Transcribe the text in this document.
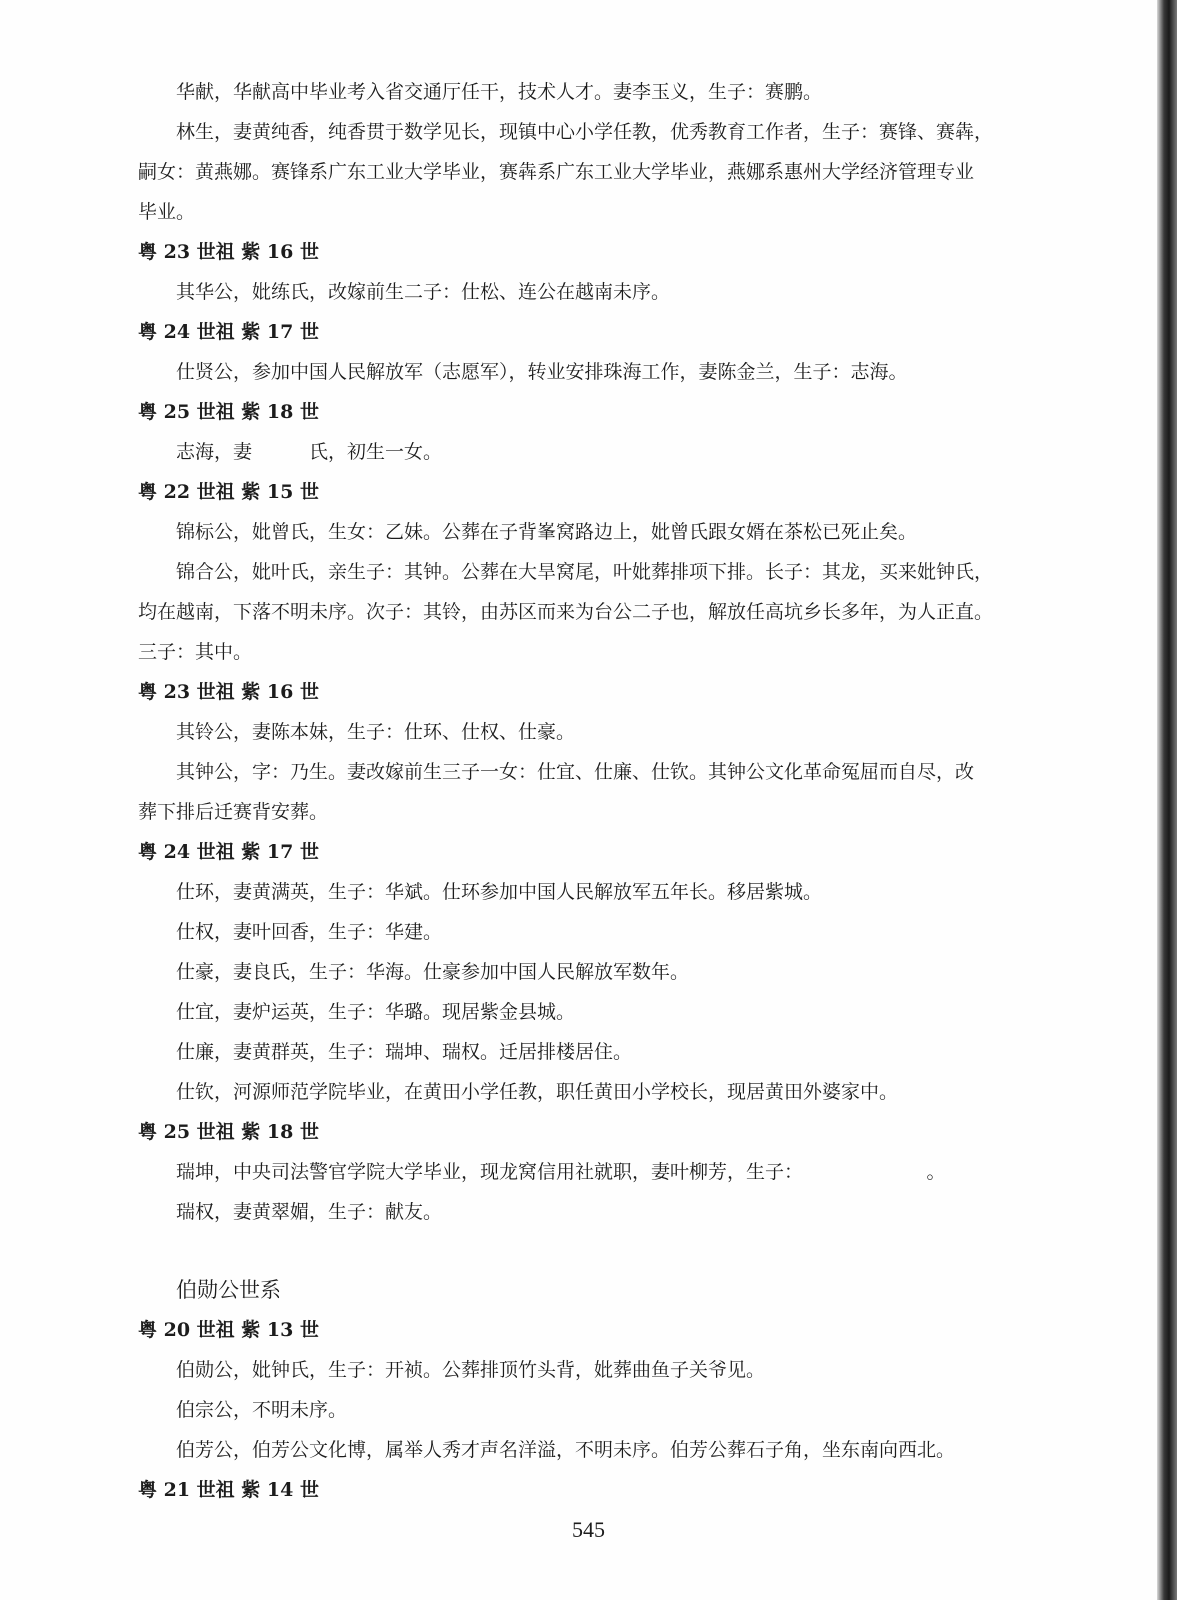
华献，华献高中毕业考入省交通厅任干，技术人才。妻李玉义，生子：赛鹏。
林生，妻黄纯香，纯香贯于数学见长，现镇中心小学任教，优秀教育工作者，生子：赛锋、赛犇，
嗣女：黄燕娜。赛锋系广东工业大学毕业，赛犇系广东工业大学毕业，燕娜系惠州大学经济管理专业
毕业。
粤 23 世祖 紫 16 世
其华公，妣练氏，改嫁前生二子：仕松、连公在越南未序。
粤 24 世祖 紫 17 世
仕贤公，参加中国人民解放军（志愿军），转业安排珠海工作，妻陈金兰，生子：志海。
粤 25 世祖 紫 18 世
志海，妻　　　氏，初生一女。
粤 22 世祖 紫 15 世
锦标公，妣曾氏，生女：乙妹。公葬在子背峯窝路边上，妣曾氏跟女婿在茶松已死止矣。
锦合公，妣叶氏，亲生子：其钟。公葬在大旱窝尾，叶妣葬排项下排。长子：其龙，买来妣钟氏，
均在越南，下落不明未序。次子：其铃，由苏区而来为台公二子也，解放任高坑乡长多年，为人正直。
三子：其中。
粤 23 世祖 紫 16 世
其铃公，妻陈本妹，生子：仕环、仕权、仕豪。
其钟公，字：乃生。妻改嫁前生三子一女：仕宜、仕廉、仕钦。其钟公文化革命冤屈而自尽，改
葬下排后迁赛背安葬。
粤 24 世祖 紫 17 世
仕环，妻黄满英，生子：华斌。仕环参加中国人民解放军五年长。移居紫城。
仕权，妻叶回香，生子：华建。
仕豪，妻良氏，生子：华海。仕豪参加中国人民解放军数年。
仕宜，妻炉运英，生子：华璐。现居紫金县城。
仕廉，妻黄群英，生子：瑞坤、瑞权。迁居排楼居住。
仕钦，河源师范学院毕业，在黄田小学任教，职任黄田小学校长，现居黄田外婆家中。
粤 25 世祖 紫 18 世
瑞坤，中央司法警官学院大学毕业，现龙窝信用社就职，妻叶柳芳，生子：　　　　　　　。
瑞权，妻黄翠媚，生子：献友。
伯勋公世系
粤 20 世祖 紫 13 世
伯勋公，妣钟氏，生子：开祯。公葬排顶竹头背，妣葬曲鱼子关爷见。
伯宗公，不明未序。
伯芳公，伯芳公文化博，属举人秀才声名洋溢，不明未序。伯芳公葬石子角，坐东南向西北。
粤 21 世祖 紫 14 世
545
